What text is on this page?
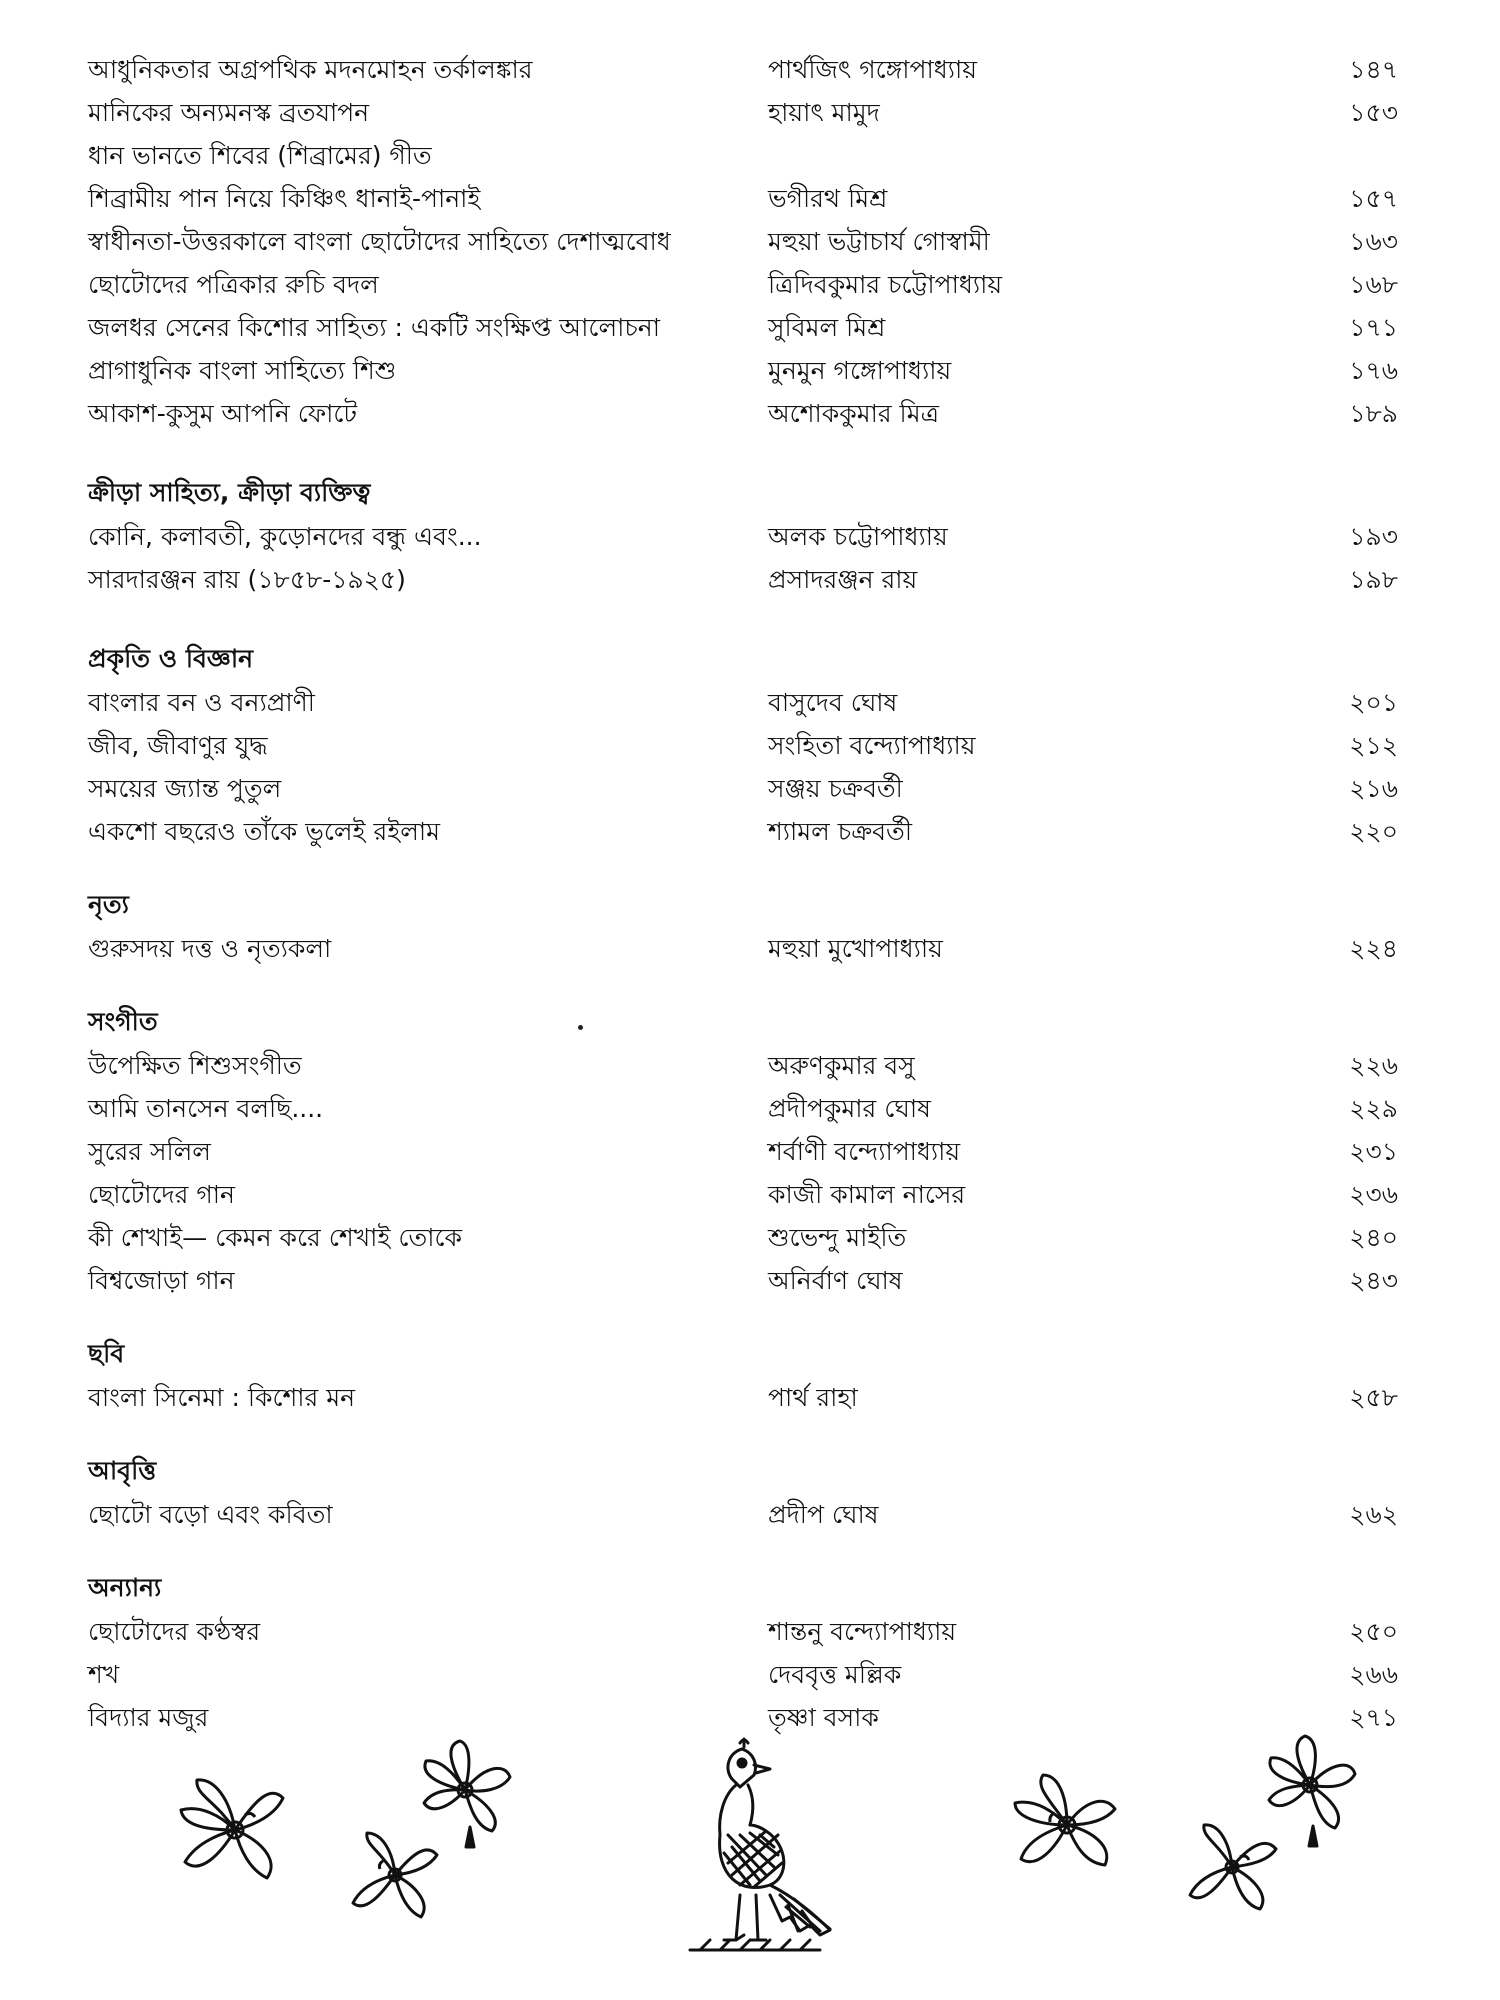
আধুনিকতার অগ্রপথিক মদনমোহন তর্কালঙ্কার	পার্থজিৎ গঙ্গোপাধ্যায়	১৪৭
মানিকের অন্যমনস্ক ব্রতযাপন	হায়াৎ মামুদ	১৫৩
ধান ভানতে শিবের (শিব্রামের) গীত
শিব্রামীয় পান নিয়ে কিঞ্চিৎ ধানাই-পানাই	ভগীরথ মিশ্র	১৫৭
স্বাধীনতা-উত্তরকালে বাংলা ছোটোদের সাহিত্যে দেশাত্মবোধ	মহুয়া ভট্টাচার্য গোস্বামী	১৬৩
ছোটোদের পত্রিকার রুচি বদল	ত্রিদিবকুমার চট্টোপাধ্যায়	১৬৮
জলধর সেনের কিশোর সাহিত্য : একটি সংক্ষিপ্ত আলোচনা	সুবিমল মিশ্র	১৭১
প্রাগাধুনিক বাংলা সাহিত্যে শিশু	মুনমুন গঙ্গোপাধ্যায়	১৭৬
আকাশ-কুসুম আপনি ফোটে	অশোককুমার মিত্র	১৮৯
ক্রীড়া সাহিত্য, ক্রীড়া ব্যক্তিত্ব
কোনি, কলাবতী, কুড়োনদের বন্ধু এবং...	অলক চট্টোপাধ্যায়	১৯৩
সারদারঞ্জন রায় (১৮৫৮-১৯২৫)	প্রসাদরঞ্জন রায়	১৯৮
প্রকৃতি ও বিজ্ঞান
বাংলার বন ও বন্যপ্রাণী	বাসুদেব ঘোষ	২০১
জীব, জীবাণুর যুদ্ধ	সংহিতা বন্দ্যোপাধ্যায়	২১২
সময়ের জ্যান্ত পুতুল	সঞ্জয় চক্রবর্তী	২১৬
একশো বছরেও তাঁকে ভুলেই রইলাম	শ্যামল চক্রবর্তী	২২০
নৃত্য
গুরুসদয় দত্ত ও নৃত্যকলা	মহুয়া মুখোপাধ্যায়	২২৪
সংগীত
উপেক্ষিত শিশুসংগীত	অরুণকুমার বসু	২২৬
আমি তানসেন বলছি....	প্রদীপকুমার ঘোষ	২২৯
সুরের সলিল	শর্বাণী বন্দ্যোপাধ্যায়	২৩১
ছোটোদের গান	কাজী কামাল নাসের	২৩৬
কী শেখাই— কেমন করে শেখাই তোকে	শুভেন্দু মাইতি	২৪০
বিশ্বজোড়া গান	অনির্বাণ ঘোষ	২৪৩
ছবি
বাংলা সিনেমা : কিশোর মন	পার্থ রাহা	২৫৮
আবৃত্তি
ছোটো বড়ো এবং কবিতা	প্রদীপ ঘোষ	২৬২
অন্যান্য
ছোটোদের কণ্ঠস্বর	শান্তনু বন্দ্যোপাধ্যায়	২৫০
শখ	দেববৃত্ত মল্লিক	২৬৬
বিদ্যার মজুর	তৃষ্ণা বসাক	২৭১
